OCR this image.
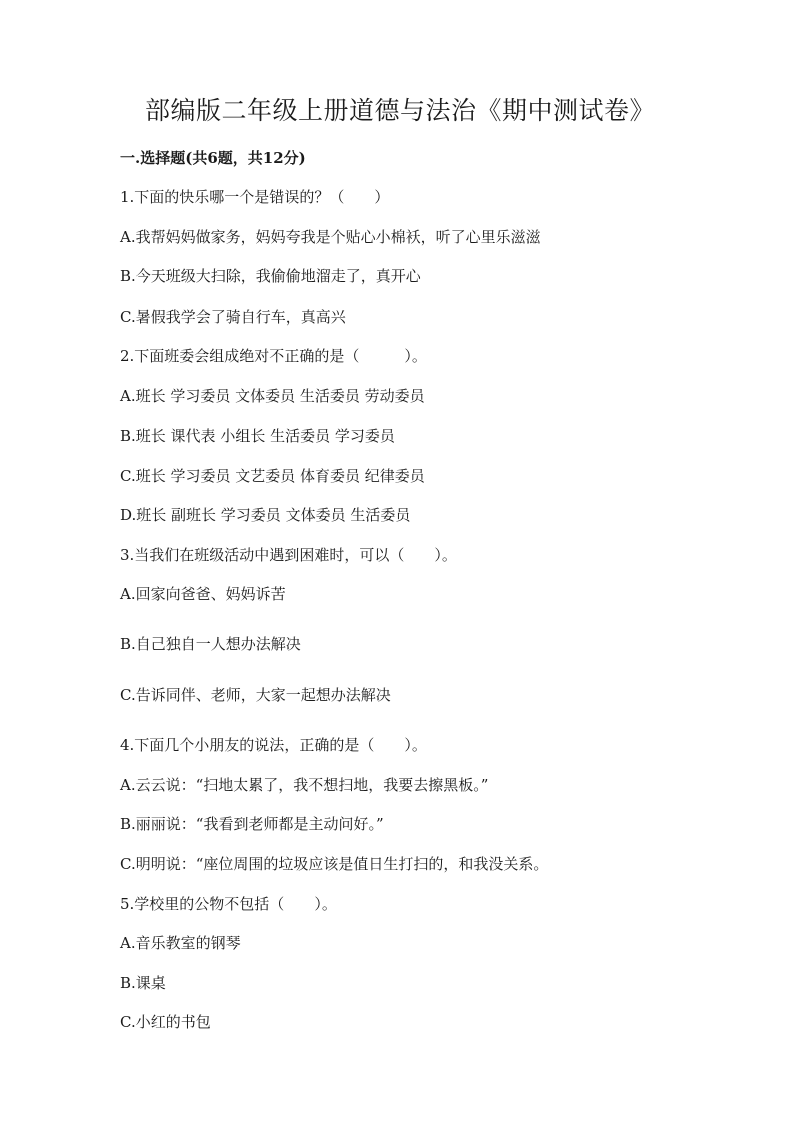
部编版二年级上册道德与法治《期中测试卷》
一.选择题(共6题，共12分)
1.下面的快乐哪一个是错误的？（　　）
A.我帮妈妈做家务，妈妈夸我是个贴心小棉袄，听了心里乐滋滋
B.今天班级大扫除，我偷偷地溜走了，真开心
C.暑假我学会了骑自行车，真高兴
2.下面班委会组成绝对不正确的是（　　　）。
A.班长 学习委员 文体委员 生活委员 劳动委员
B.班长 课代表 小组长 生活委员 学习委员
C.班长 学习委员 文艺委员 体育委员 纪律委员
D.班长 副班长 学习委员 文体委员 生活委员
3.当我们在班级活动中遇到困难时，可以（　　）。
A.回家向爸爸、妈妈诉苦
B.自己独自一人想办法解决
C.告诉同伴、老师，大家一起想办法解决
4.下面几个小朋友的说法，正确的是（　　）。
A.云云说：“扫地太累了，我不想扫地，我要去擦黑板。”
B.丽丽说：“我看到老师都是主动问好。”
C.明明说：“座位周围的垃圾应该是值日生打扫的，和我没关系。
5.学校里的公物不包括（　　）。
A.音乐教室的钢琴
B.课桌
C.小红的书包
